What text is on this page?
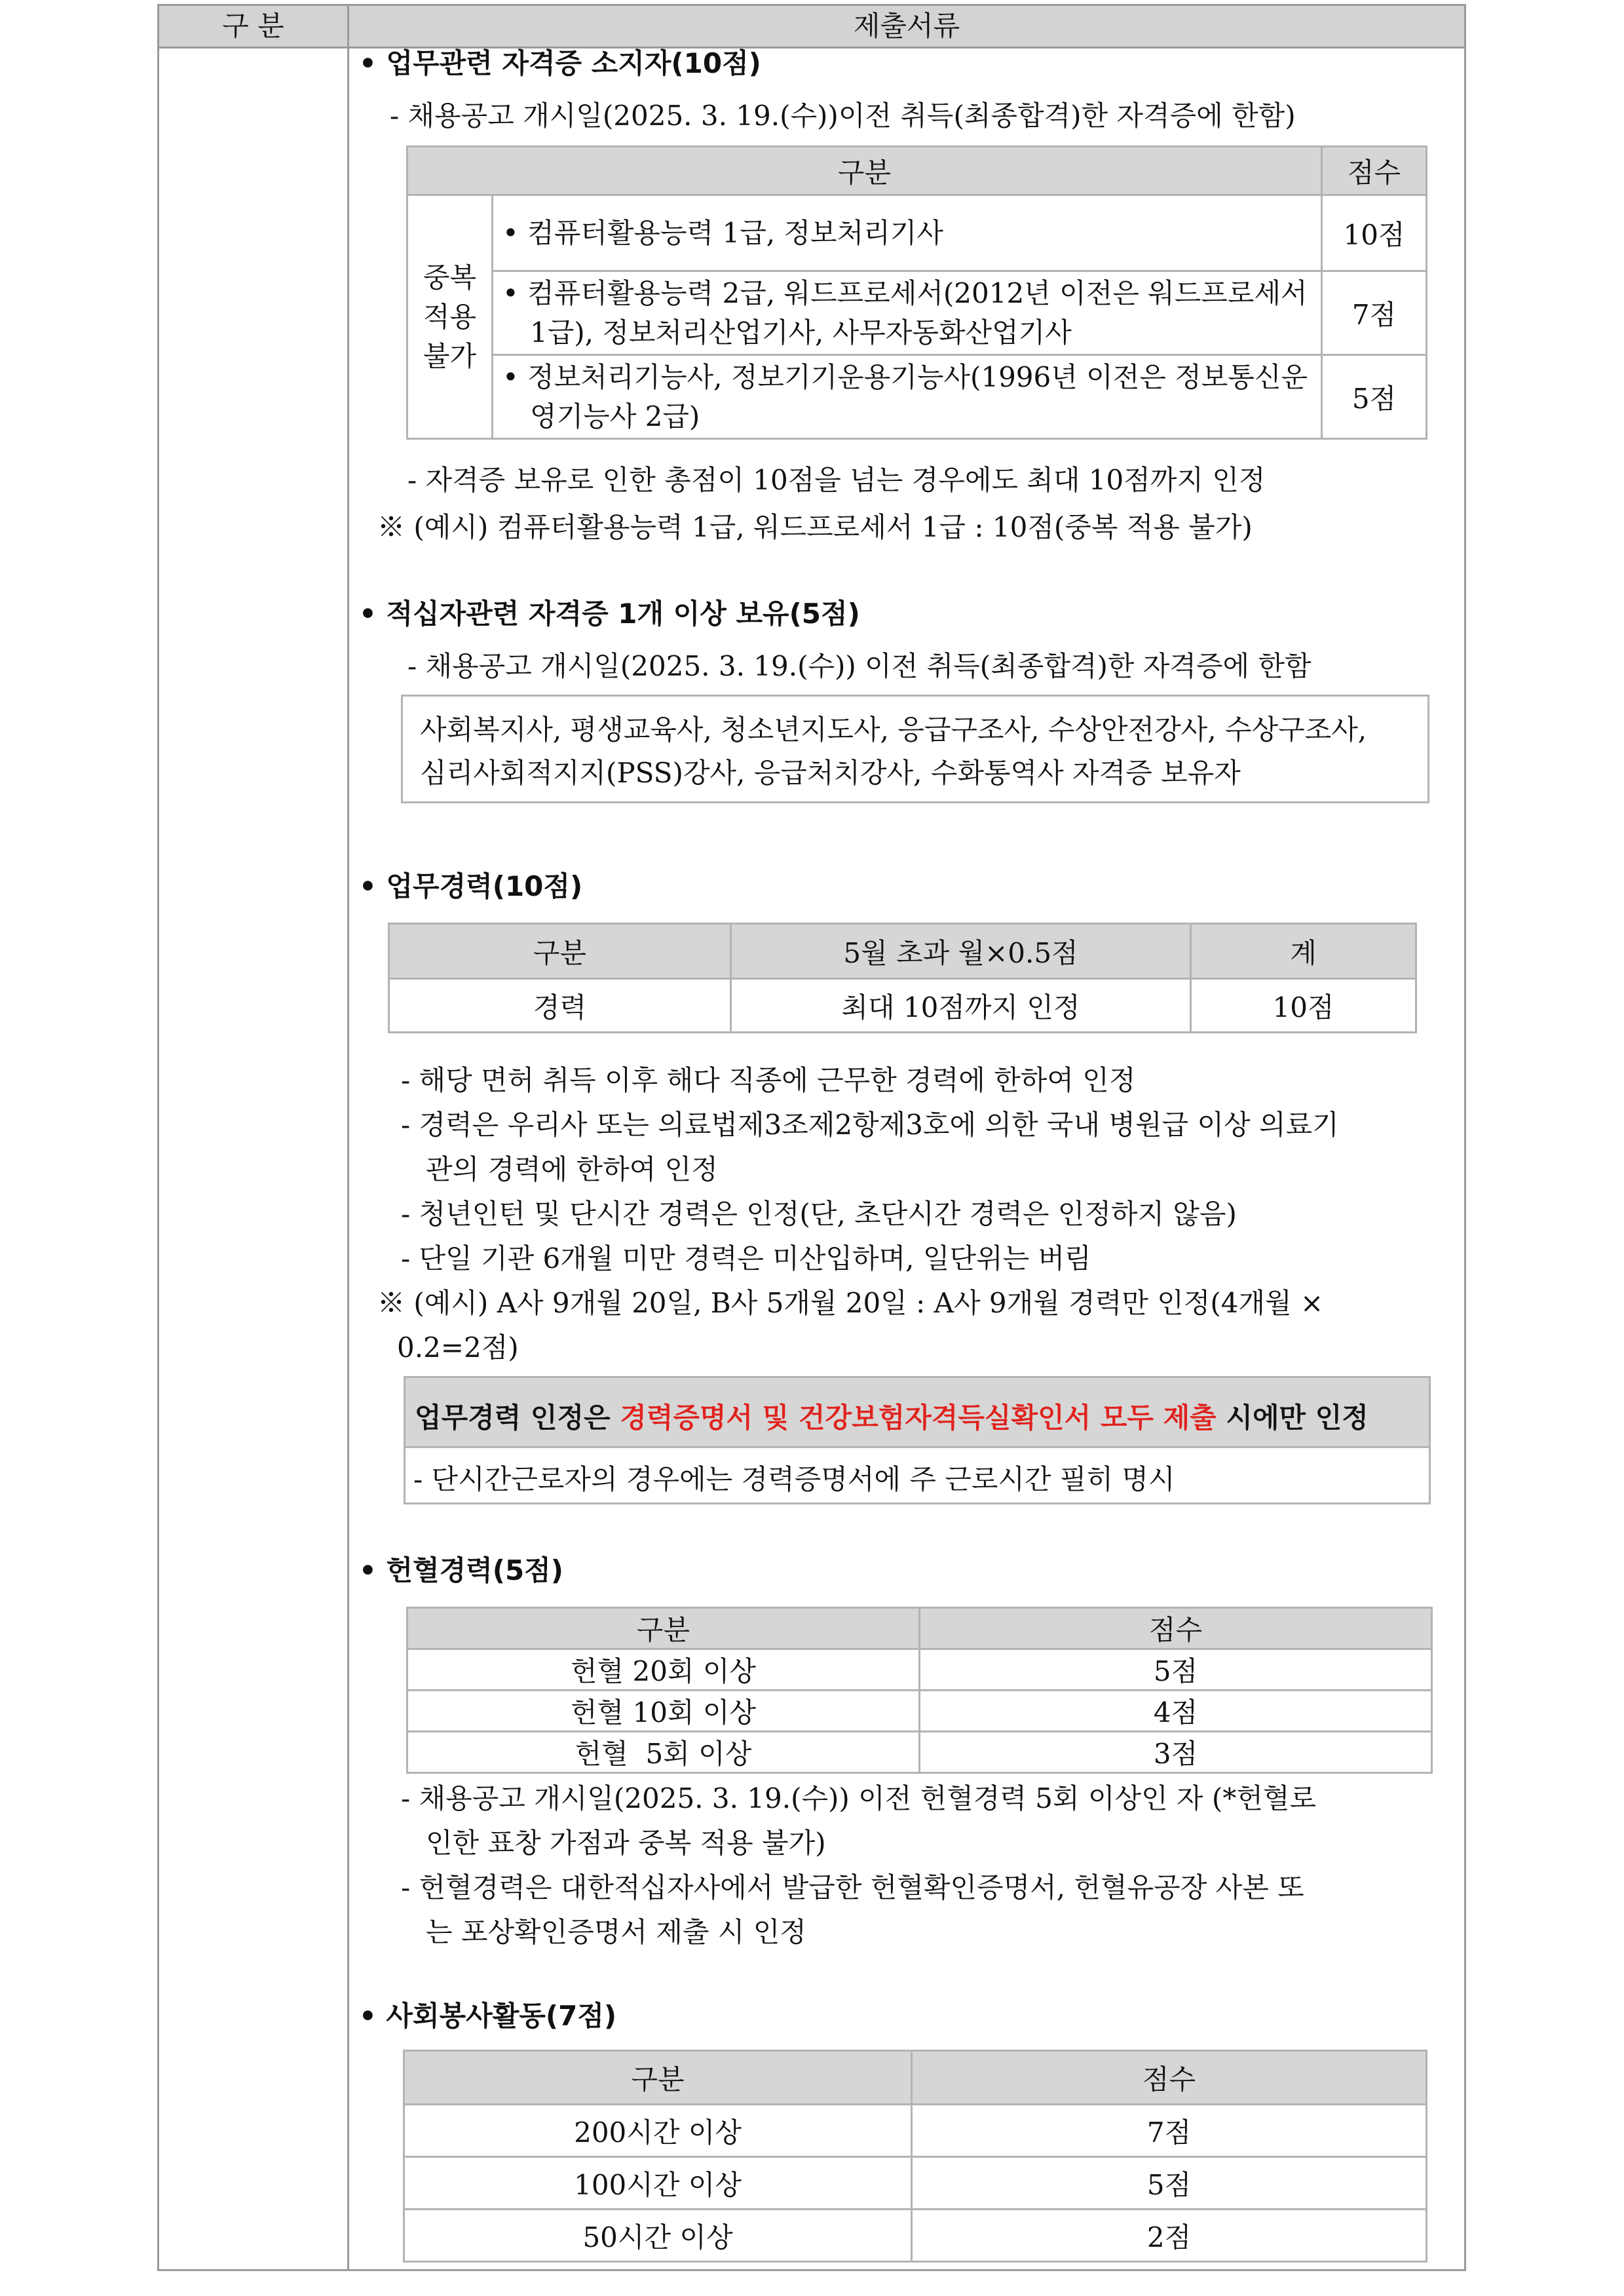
구 분	제출서류
• 업무관련 자격증 소지자(10점)
- 채용공고 개시일(2025. 3. 19.(수))이전 취득(최종합격)한 자격증에 한함)
구분		점수

중복
적용
불가	• 컴퓨터활용능력 1급, 정보처리기사	10점

	• 컴퓨터활용능력 2급, 워드프로세서(2012년 이전은 워드프로세서
1급), 정보처리산업기사, 사무자동화산업기사	7점

	• 정보처리기능사, 정보기기운용기능사(1996년 이전은 정보통신운
영기능사 2급)	5점
- 자격증 보유로 인한 총점이 10점을 넘는 경우에도 최대 10점까지 인정
※ (예시) 컴퓨터활용능력 1급, 워드프로세서 1급 : 10점(중복 적용 불가)
• 적십자관련 자격증 1개 이상 보유(5점)
- 채용공고 개시일(2025. 3. 19.(수)) 이전 취득(최종합격)한 자격증에 한함
사회복지사, 평생교육사, 청소년지도사, 응급구조사, 수상안전강사, 수상구조사,
심리사회적지지(PSS)강사, 응급처치강사, 수화통역사 자격증 보유자
• 업무경력(10점)
구분	5월 초과 월×0.5점	계
경력	최대 10점까지 인정	10점
- 해당 면허 취득 이후 해다 직종에 근무한 경력에 한하여 인정
- 경력은 우리사 또는 의료법제3조제2항제3호에 의한 국내 병원급 이상 의료기
관의 경력에 한하여 인정
- 청년인턴 및 단시간 경력은 인정(단, 초단시간 경력은 인정하지 않음)
- 단일 기관 6개월 미만 경력은 미산입하며, 일단위는 버림
※ (예시) A사 9개월 20일, B사 5개월 20일 : A사 9개월 경력만 인정(4개월 ×
0.2=2점)
업무경력 인정은 경력증명서 및 건강보험자격득실확인서 모두 제출 시에만 인정
- 단시간근로자의 경우에는 경력증명서에 주 근로시간 필히 명시
• 헌혈경력(5점)
구분	점수
헌혈 20회 이상	5점
헌혈 10회 이상	4점
헌혈  5회 이상	3점
- 채용공고 개시일(2025. 3. 19.(수)) 이전 헌혈경력 5회 이상인 자 (*헌혈로
인한 표창 가점과 중복 적용 불가)
- 헌혈경력은 대한적십자사에서 발급한 헌혈확인증명서, 헌혈유공장 사본 또
는 포상확인증명서 제출 시 인정
• 사회봉사활동(7점)
구분	점수
200시간 이상	7점
100시간 이상	5점
50시간 이상	2점
